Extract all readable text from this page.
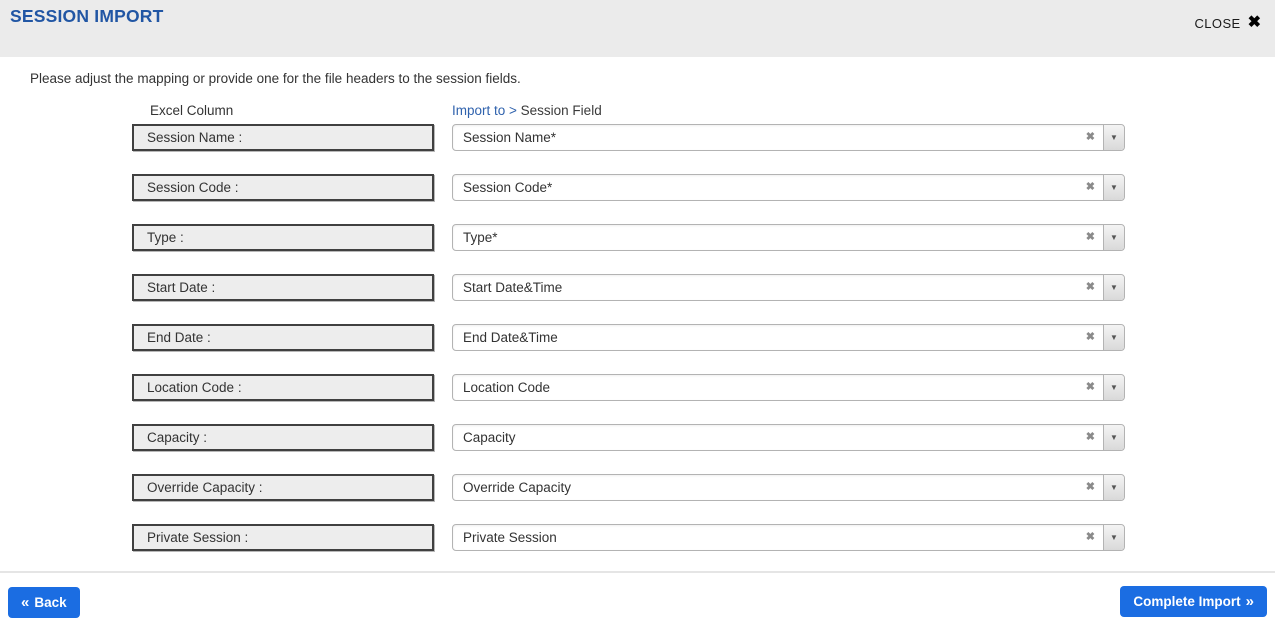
SESSION IMPORT	CLOSE ✖
Please adjust the mapping or provide one for the file headers to the session fields.
Excel Column	Import to > Session Field
Session Name :	Session Name*	✖	▼
Session Code :	Session Code*	✖	▼
Type :	Type*	✖	▼
Start Date :	Start Date&Time	✖	▼
End Date :	End Date&Time	✖	▼
Location Code :	Location Code	✖	▼
Capacity :	Capacity	✖	▼
Override Capacity :	Override Capacity	✖	▼
Private Session :	Private Session	✖	▼
« Back	Complete Import »
